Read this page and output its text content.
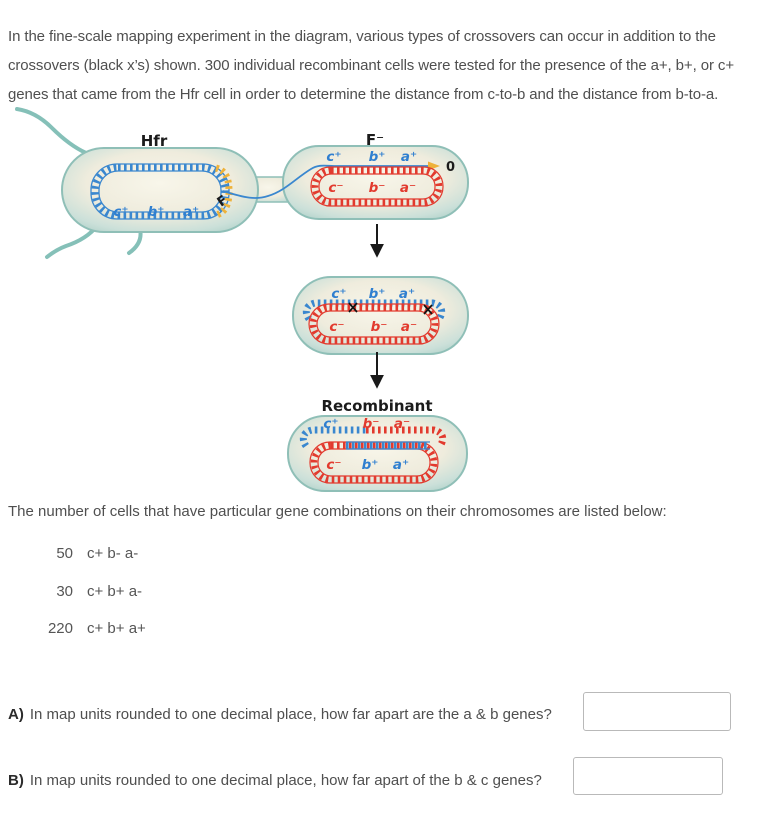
In the fine-scale mapping experiment in the diagram, various types of crossovers can occur in addition to the crossovers (black x’s) shown. 300 individual recombinant cells were tested for the presence of the a+, b+, or c+ genes that came from the Hfr cell in order to determine the distance from c-to-b and the distance from b-to-a.
c⁺ b⁺ a⁺
F
Hfr
c⁺ b⁺ a⁺
0
c⁻ b⁻ a⁻
F⁻
c⁺ b⁺ a⁺
c⁻ b⁻ a⁻
Recombinant
c⁺ b⁻ a⁻
c⁻ b⁺ a⁺
The number of cells that have particular gene combinations on their chromosomes are listed below:
50 c+ b- a-
30 c+ b+ a-
220 c+ b+ a+
A) In map units rounded to one decimal place, how far apart are the a & b genes?
B) In map units rounded to one decimal place, how far apart of the b & c genes?
